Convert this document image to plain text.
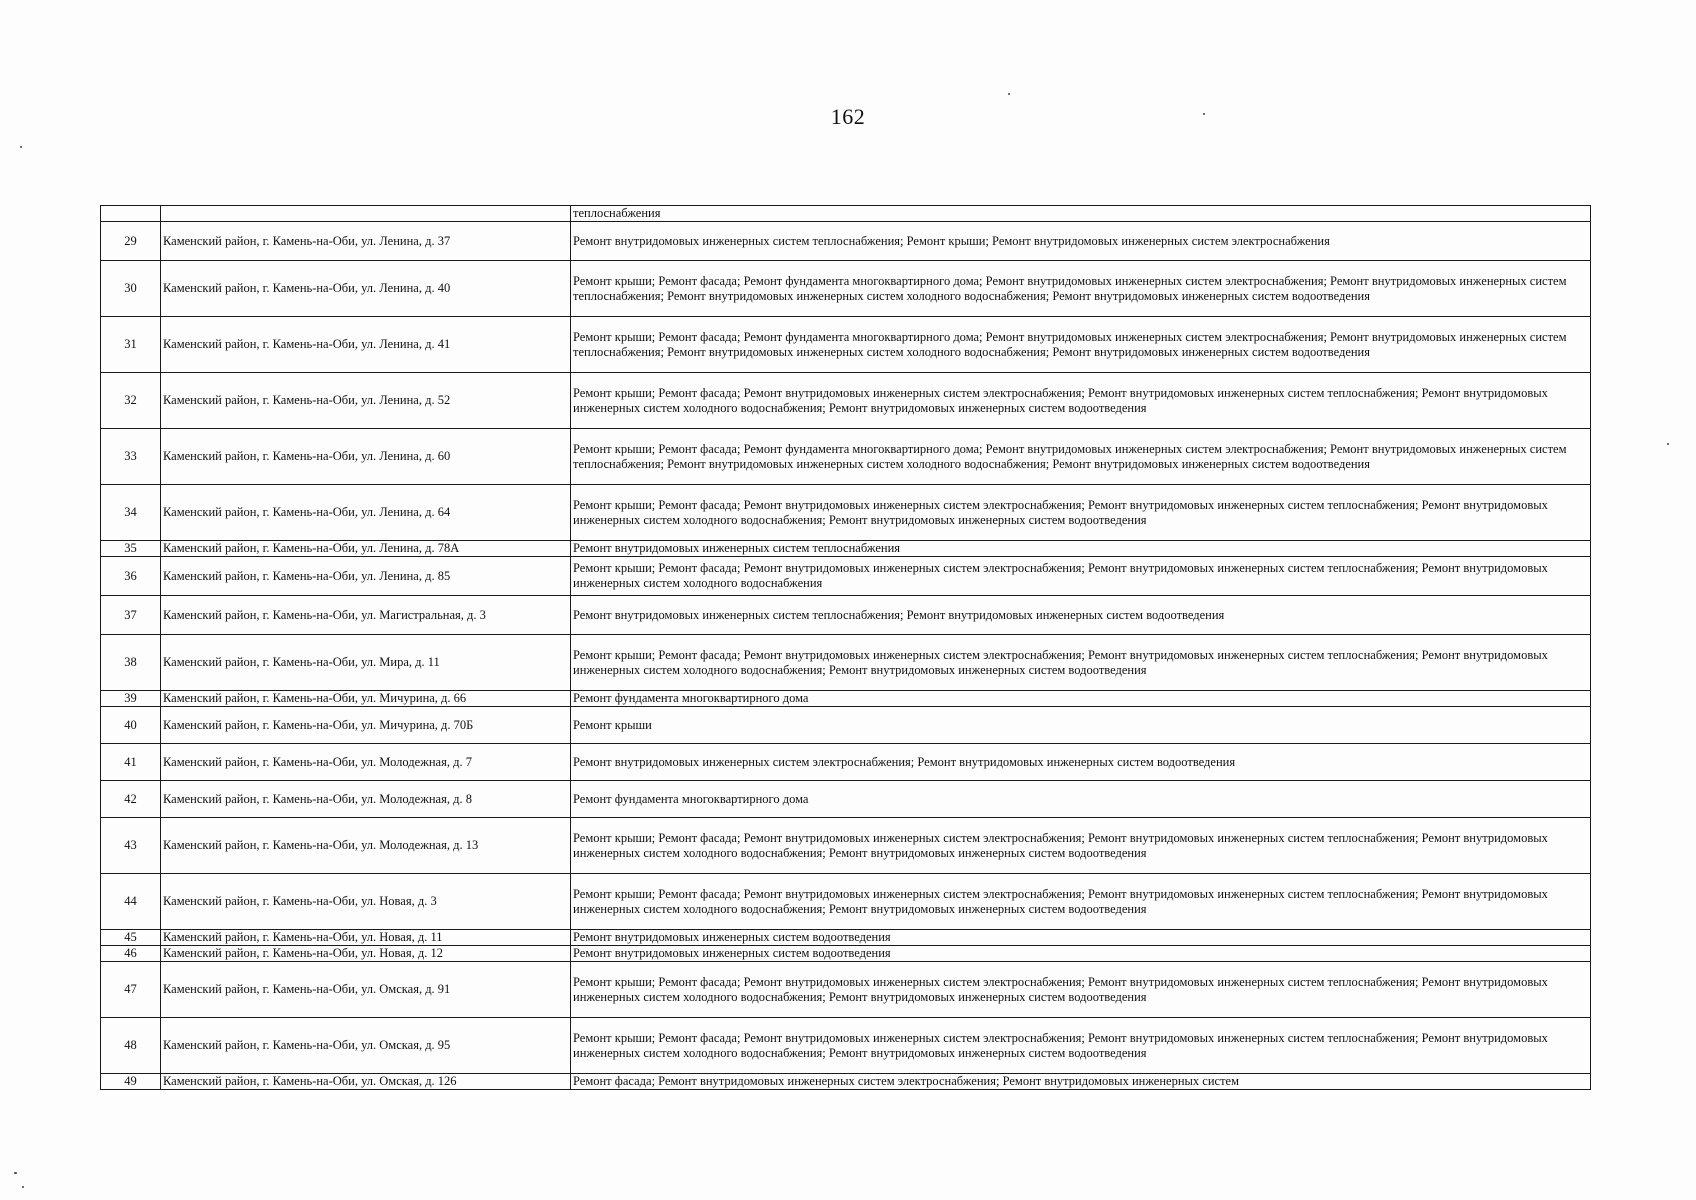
162
		теплоснабжения
29	Каменский район, г. Камень-на-Оби, ул. Ленина, д. 37	Ремонт внутридомовых инженерных систем теплоснабжения; Ремонт крыши; Ремонт внутридомовых инженерных систем электроснабжения
30	Каменский район, г. Камень-на-Оби, ул. Ленина, д. 40	Ремонт крыши; Ремонт фасада; Ремонт фундамента многоквартирного дома; Ремонт внутридомовых инженерных систем электроснабжения; Ремонт внутридомовых инженерных систем теплоснабжения; Ремонт внутридомовых инженерных систем холодного водоснабжения; Ремонт внутридомовых инженерных систем водоотведения
31	Каменский район, г. Камень-на-Оби, ул. Ленина, д. 41	Ремонт крыши; Ремонт фасада; Ремонт фундамента многоквартирного дома; Ремонт внутридомовых инженерных систем электроснабжения; Ремонт внутридомовых инженерных систем теплоснабжения; Ремонт внутридомовых инженерных систем холодного водоснабжения; Ремонт внутридомовых инженерных систем водоотведения
32	Каменский район, г. Камень-на-Оби, ул. Ленина, д. 52	Ремонт крыши; Ремонт фасада; Ремонт внутридомовых инженерных систем электроснабжения; Ремонт внутридомовых инженерных систем теплоснабжения; Ремонт внутридомовых инженерных систем холодного водоснабжения; Ремонт внутридомовых инженерных систем водоотведения
33	Каменский район, г. Камень-на-Оби, ул. Ленина, д. 60	Ремонт крыши; Ремонт фасада; Ремонт фундамента многоквартирного дома; Ремонт внутридомовых инженерных систем электроснабжения; Ремонт внутридомовых инженерных систем теплоснабжения; Ремонт внутридомовых инженерных систем холодного водоснабжения; Ремонт внутридомовых инженерных систем водоотведения
34	Каменский район, г. Камень-на-Оби, ул. Ленина, д. 64	Ремонт крыши; Ремонт фасада; Ремонт внутридомовых инженерных систем электроснабжения; Ремонт внутридомовых инженерных систем теплоснабжения; Ремонт внутридомовых инженерных систем холодного водоснабжения; Ремонт внутридомовых инженерных систем водоотведения
35	Каменский район, г. Камень-на-Оби, ул. Ленина, д. 78А	Ремонт внутридомовых инженерных систем теплоснабжения
36	Каменский район, г. Камень-на-Оби, ул. Ленина, д. 85	Ремонт крыши; Ремонт фасада; Ремонт внутридомовых инженерных систем электроснабжения; Ремонт внутридомовых инженерных систем теплоснабжения; Ремонт внутридомовых инженерных систем холодного водоснабжения
37	Каменский район, г. Камень-на-Оби, ул. Магистральная, д. 3	Ремонт внутридомовых инженерных систем теплоснабжения; Ремонт внутридомовых инженерных систем водоотведения
38	Каменский район, г. Камень-на-Оби, ул. Мира, д. 11	Ремонт крыши; Ремонт фасада; Ремонт внутридомовых инженерных систем электроснабжения; Ремонт внутридомовых инженерных систем теплоснабжения; Ремонт внутридомовых инженерных систем холодного водоснабжения; Ремонт внутридомовых инженерных систем водоотведения
39	Каменский район, г. Камень-на-Оби, ул. Мичурина, д. 66	Ремонт фундамента многоквартирного дома
40	Каменский район, г. Камень-на-Оби, ул. Мичурина, д. 70Б	Ремонт крыши
41	Каменский район, г. Камень-на-Оби, ул. Молодежная, д. 7	Ремонт внутридомовых инженерных систем электроснабжения; Ремонт внутридомовых инженерных систем водоотведения
42	Каменский район, г. Камень-на-Оби, ул. Молодежная, д. 8	Ремонт фундамента многоквартирного дома
43	Каменский район, г. Камень-на-Оби, ул. Молодежная, д. 13	Ремонт крыши; Ремонт фасада; Ремонт внутридомовых инженерных систем электроснабжения; Ремонт внутридомовых инженерных систем теплоснабжения; Ремонт внутридомовых инженерных систем холодного водоснабжения; Ремонт внутридомовых инженерных систем водоотведения
44	Каменский район, г. Камень-на-Оби, ул. Новая, д. 3	Ремонт крыши; Ремонт фасада; Ремонт внутридомовых инженерных систем электроснабжения; Ремонт внутридомовых инженерных систем теплоснабжения; Ремонт внутридомовых инженерных систем холодного водоснабжения; Ремонт внутридомовых инженерных систем водоотведения
45	Каменский район, г. Камень-на-Оби, ул. Новая, д. 11	Ремонт внутридомовых инженерных систем водоотведения
46	Каменский район, г. Камень-на-Оби, ул. Новая, д. 12	Ремонт внутридомовых инженерных систем водоотведения
47	Каменский район, г. Камень-на-Оби, ул. Омская, д. 91	Ремонт крыши; Ремонт фасада; Ремонт внутридомовых инженерных систем электроснабжения; Ремонт внутридомовых инженерных систем теплоснабжения; Ремонт внутридомовых инженерных систем холодного водоснабжения; Ремонт внутридомовых инженерных систем водоотведения
48	Каменский район, г. Камень-на-Оби, ул. Омская, д. 95	Ремонт крыши; Ремонт фасада; Ремонт внутридомовых инженерных систем электроснабжения; Ремонт внутридомовых инженерных систем теплоснабжения; Ремонт внутридомовых инженерных систем холодного водоснабжения; Ремонт внутридомовых инженерных систем водоотведения
49	Каменский район, г. Камень-на-Оби, ул. Омская, д. 126	Ремонт фасада; Ремонт внутридомовых инженерных систем электроснабжения; Ремонт внутридомовых инженерных систем
